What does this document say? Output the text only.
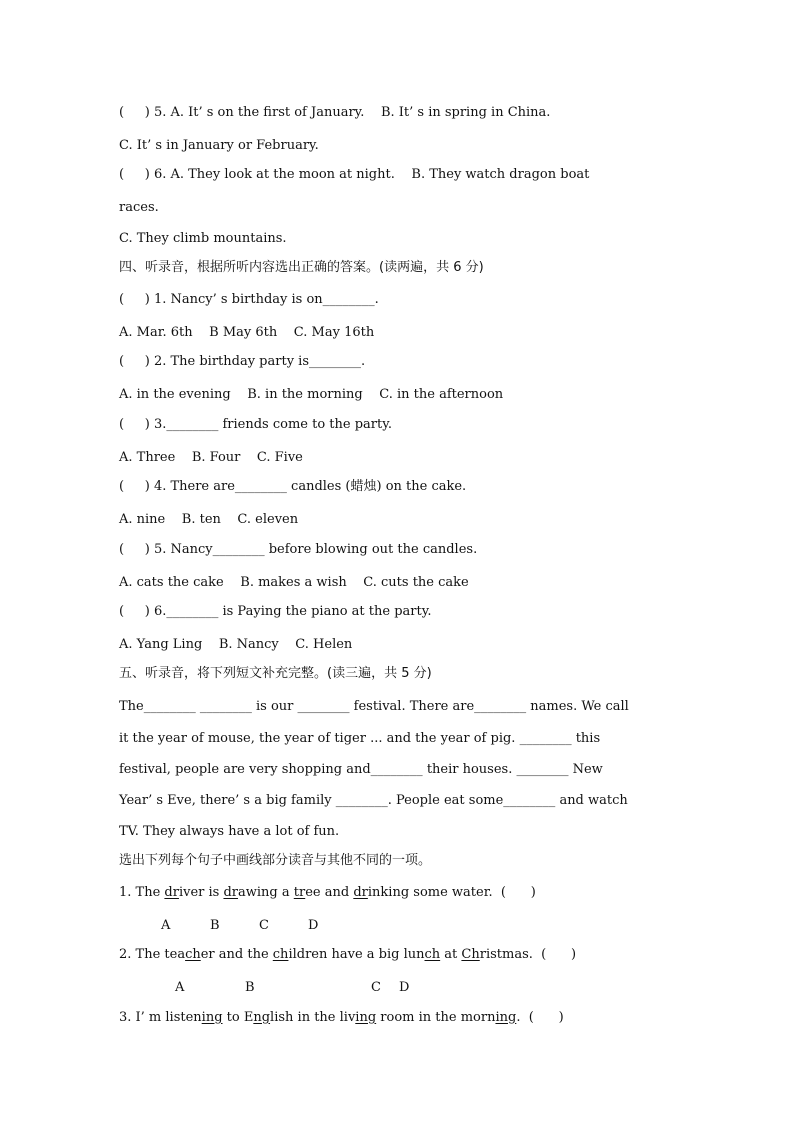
(     ) 5. A. It’ s on the first of January.    B. It’ s in spring in China.
C. It’ s in January or February.
(     ) 6. A. They look at the moon at night.    B. They watch dragon boat
races.
C. They climb mountains.
四、听录音，根据所听内容选出正确的答案。(读两遍，共 6 分)
(     ) 1. Nancy’ s birthday is on________.
A. Mar. 6th    B May 6th    C. May 16th
(     ) 2. The birthday party is________.
A. in the evening    B. in the morning    C. in the afternoon
(     ) 3.________ friends come to the party.
A. Three    B. Four    C. Five
(     ) 4. There are________ candles (蜡烛) on the cake.
A. nine    B. ten    C. eleven
(     ) 5. Nancy________ before blowing out the candles.
A. cats the cake    B. makes a wish    C. cuts the cake
(     ) 6.________ is Paying the piano at the party.
A. Yang Ling    B. Nancy    C. Helen
五、听录音，将下列短文补充完整。(读三遍，共 5 分)
The________ ________ is our ________ festival. There are________ names. We call
it the year of mouse, the year of tiger ... and the year of pig. ________ this
festival, people are very shopping and________ their houses. ________ New
Year’ s Eve, there’ s a big family ________. People eat some________ and watch
TV. They always have a lot of fun.
选出下列每个句子中画线部分读音与其他不同的一项。
1. The driver is drawing a tree and drinking some water.  (      )
A	B	C	D
2. The teacher and the children have a big lunch at Christmas.  (      )
A	B	C D
3. I’ m listening to English in the living room in the morning.  (      )
